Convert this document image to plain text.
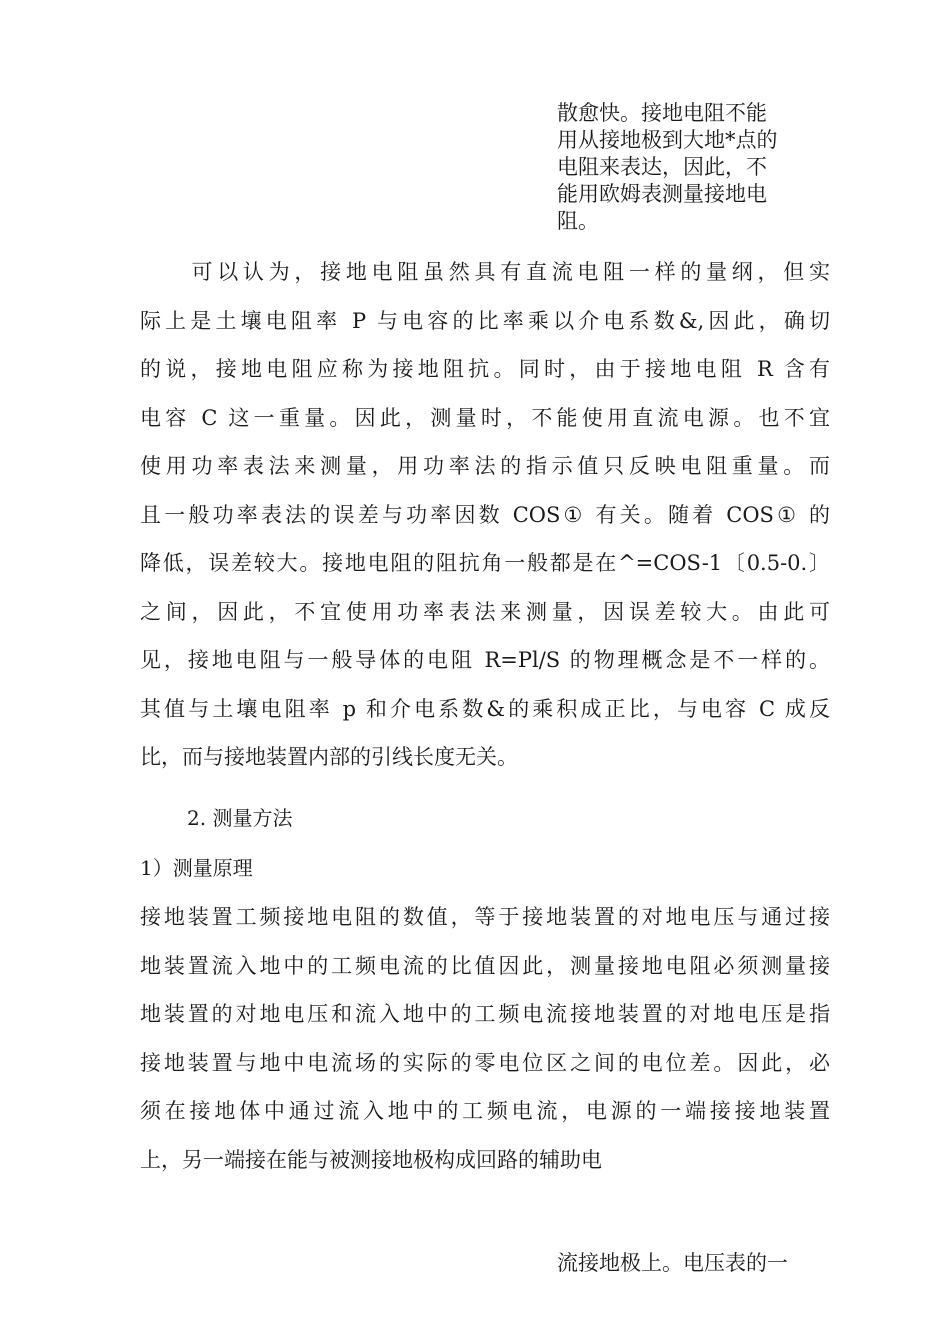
散愈快。接地电阻不能
用从接地极到大地*点的
电阻来表达，因此，不
能用欧姆表测量接地电
阻。
　　可以认为，接地电阻虽然具有直流电阻一样的量纲，但实
际上是土壤电阻率 P 与电容的比率乘以介电系数&,因此，确切
的说，接地电阻应称为接地阻抗。同时，由于接地电阻 R 含有
电容 C 这一重量。因此，测量时，不能使用直流电源。也不宜
使用功率表法来测量，用功率法的指示值只反映电阻重量。而
且一般功率表法的误差与功率因数 COS① 有关。随着 COS① 的
降低，误差较大。接地电阻的阻抗角一般都是在^=COS-1〔0.5-0.〕
之间，因此，不宜使用功率表法来测量，因误差较大。由此可
见，接地电阻与一般导体的电阻 R=Pl/S 的物理概念是不一样的。
其值与土壤电阻率 p 和介电系数&的乘积成正比，与电容 C 成反
比，而与接地装置内部的引线长度无关。
2. 测量方法
1）测量原理
接地装置工频接地电阻的数值，等于接地装置的对地电压与通过接
地装置流入地中的工频电流的比值因此，测量接地电阻必须测量接
地装置的对地电压和流入地中的工频电流接地装置的对地电压是指
接地装置与地中电流场的实际的零电位区之间的电位差。因此，必
须在接地体中通过流入地中的工频电流，电源的一端接接地装置
上，另一端接在能与被测接地极构成回路的辅助电
流接地极上。电压表的一
